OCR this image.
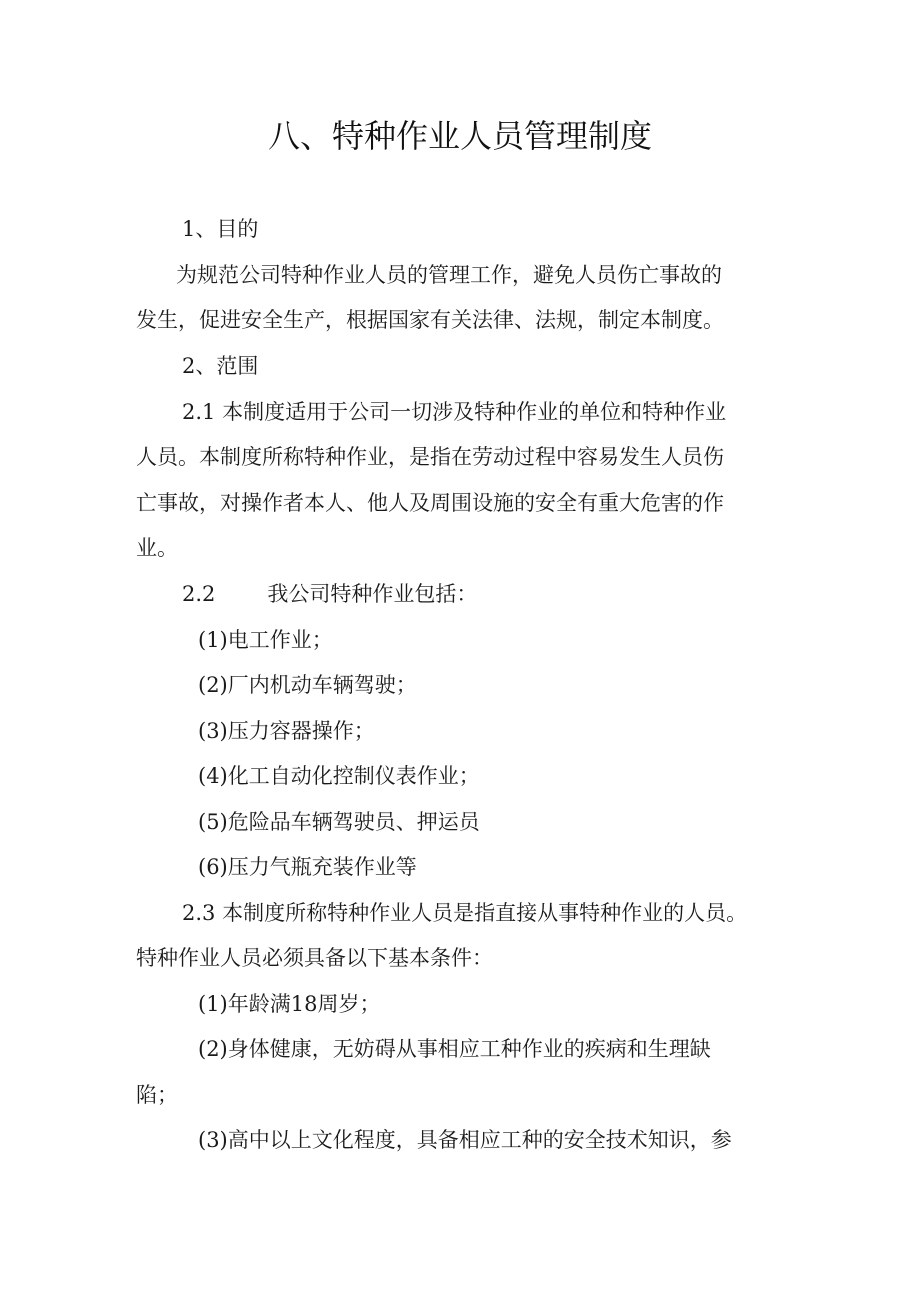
八、特种作业人员管理制度
1、目的
为规范公司特种作业人员的管理工作，避免人员伤亡事故的
发生，促进安全生产，根据国家有关法律、法规，制定本制度。
2、范围
2.1 本制度适用于公司一切涉及特种作业的单位和特种作业
人员。本制度所称特种作业，是指在劳动过程中容易发生人员伤
亡事故，对操作者本人、他人及周围设施的安全有重大危害的作
业。
2.2 我公司特种作业包括：
(1)电工作业；
(2)厂内机动车辆驾驶；
(3)压力容器操作；
(4)化工自动化控制仪表作业；
(5)危险品车辆驾驶员、押运员
(6)压力气瓶充装作业等
2.3 本制度所称特种作业人员是指直接从事特种作业的人员。
特种作业人员必须具备以下基本条件：
(1)年龄满18周岁；
(2)身体健康，无妨碍从事相应工种作业的疾病和生理缺
陷；
(3)高中以上文化程度，具备相应工种的安全技术知识，参
